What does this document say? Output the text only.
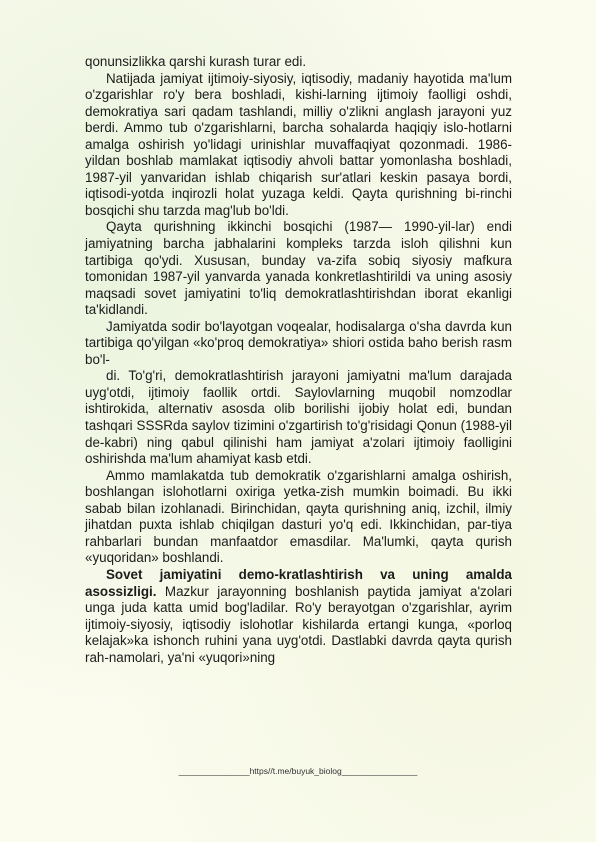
qonunsizlikka qarshi kurash turar edi.

Natijada jamiyat ijtimoiy-siyosiy, iqtisodiy, madaniy hayotida ma'lum o'zgarishlar ro'y bera boshladi, kishi-larning ijtimoiy faolligi oshdi, demokratiya sari qadam tashlandi, milliy o'zlikni anglash jarayoni yuz berdi. Ammo tub o'zgarishlarni, barcha sohalarda haqiqiy islo-hotlarni amalga oshirish yo'lidagi urinishlar muvaffaqiyat qozonmadi. 1986-yildan boshlab mamlakat iqtisodiy ahvoli battar yomonlasha boshladi, 1987-yil yanvaridan ishlab chiqarish sur'atlari keskin pasaya bordi, iqtisodi-yotda inqirozli holat yuzaga keldi. Qayta qurishning bi-rinchi bosqichi shu tarzda mag'lub bo'ldi.

Qayta qurishning ikkinchi bosqichi (1987— 1990-yil-lar) endi jamiyatning barcha jabhalarini kompleks tarzda isloh qilishni kun tartibiga qo'ydi. Xususan, bunday va-zifa sobiq siyosiy mafkura tomonidan 1987-yil yanvarda yanada konkretlashtirildi va uning asosiy maqsadi sovet jamiyatini to'liq demokratlashtirishdan iborat ekanligi ta'kidlandi.

Jamiyatda sodir bo'layotgan voqealar, hodisalarga o'sha davrda kun tartibiga qo'yilgan «ko'proq demokratiya» shiori ostida baho berish rasm bo'l-

di. To'g'ri, demokratlashtirish jarayoni jamiyatni ma'lum darajada uyg'otdi, ijtimoiy faollik ortdi. Saylovlarning muqobil nomzodlar ishtirokida, alternativ asosda olib borilishi ijobiy holat edi, bundan tashqari SSSRda saylov tizimini o'zgartirish to'g'risidagi Qonun (1988-yil de-kabri) ning qabul qilinishi ham jamiyat a'zolari ijtimoiy faolligini oshirishda ma'lum ahamiyat kasb etdi.

Ammo mamlakatda tub demokratik o'zgarishlarni amalga oshirish, boshlangan islohotlarni oxiriga yetka-zish mumkin boimadi. Bu ikki sabab bilan izohlanadi. Birinchidan, qayta qurishning aniq, izchil, ilmiy jihatdan puxta ishlab chiqilgan dasturi yo'q edi. Ikkinchidan, par-tiya rahbarlari bundan manfaatdor emasdilar. Ma'lumki, qayta qurish «yuqoridan» boshlandi.

Sovet jamiyatini demo-kratlashtirish va uning amalda asossizligi. Mazkur jarayonning boshlanish paytida jamiyat a'zolari unga juda katta umid bog'ladilar. Ro'y berayotgan o'zgarishlar, ayrim ijtimoiy-siyosiy, iqtisodiy islohotlar kishilarda ertangi kunga, «porloq kelajak»ka ishonch ruhini yana uyg'otdi. Dastlabki davrda qayta qurish rah-namolari, ya'ni «yuqori»ning

_______________https//t.me/buyuk_biolog________________
